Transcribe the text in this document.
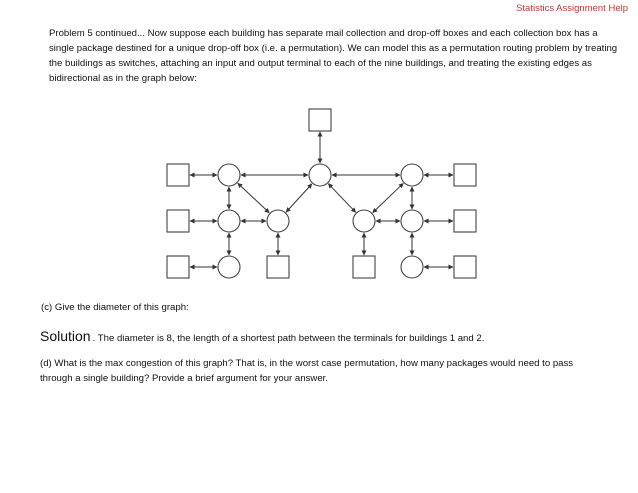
Statistics Assignment Help
Problem 5 continued... Now suppose each building has separate mail collection and drop-off boxes and each collection box has a single package destined for a unique drop-off box (i.e. a permutation). We can model this as a permutation routing problem by treating the buildings as switches, attaching an input and output terminal to each of the nine buildings, and treating the existing edges as bidirectional as in the graph below:
(c) Give the diameter of this graph:
Solution . The diameter is 8, the length of a shortest path between the terminals for buildings 1 and 2.
(d) What is the max congestion of this graph? That is, in the worst case permutation, how many packages would need to pass through a single building? Provide a brief argument for your answer.
